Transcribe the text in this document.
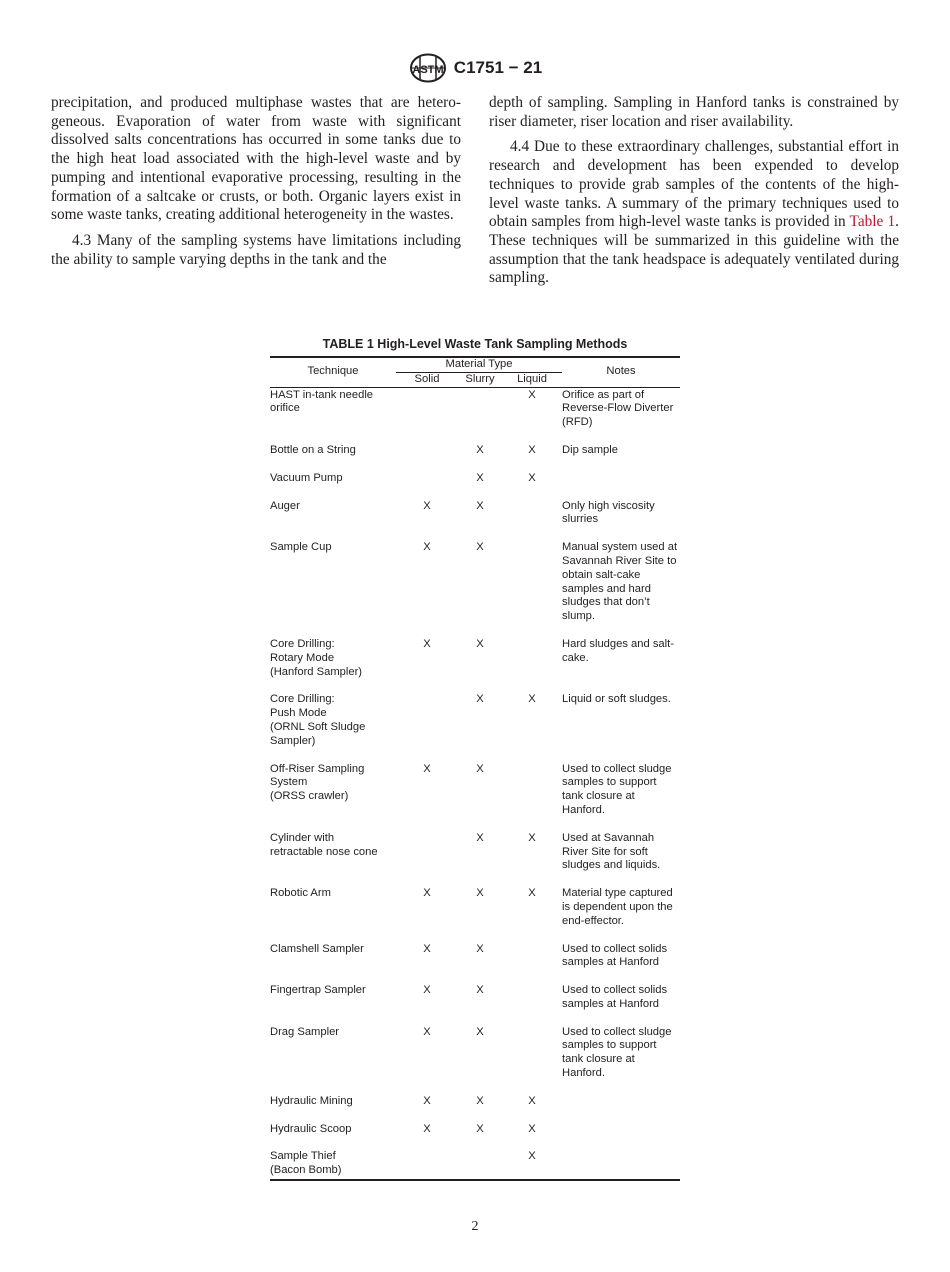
ASTM C1751 − 21

precipitation, and produced multiphase wastes that are heterogeneous. Evaporation of water from waste with significant dissolved salts concentrations has occurred in some tanks due to the high heat load associated with the high-level waste and by pumping and intentional evaporative processing, resulting in the formation of a saltcake or crusts, or both. Organic layers exist in some waste tanks, creating additional heterogeneity in the wastes.

4.3 Many of the sampling systems have limitations including the ability to sample varying depths in the tank and the

depth of sampling. Sampling in Hanford tanks is constrained by riser diameter, riser location and riser availability.

4.4 Due to these extraordinary challenges, substantial effort in research and development has been expended to develop techniques to provide grab samples of the contents of the high-level waste tanks. A summary of the primary techniques used to obtain samples from high-level waste tanks is provided in Table 1. These techniques will be summarized in this guideline with the assumption that the tank headspace is adequately ventilated during sampling.

TABLE 1 High-Level Waste Tank Sampling Methods
Technique	Material Type			Notes
	Solid	Slurry	Liquid	
HAST in-tank needle
orifice			X	Orifice as part of Reverse-Flow Diverter (RFD)
Bottle on a String		X	X	Dip sample
Vacuum Pump		X	X	
Auger	X	X		Only high viscosity slurries
Sample Cup	X	X		Manual system used at Savannah River Site to obtain salt-cake samples and hard sludges that don’t slump.
Core Drilling:
Rotary Mode
(Hanford Sampler)	X	X		Hard sludges and salt-cake.
Core Drilling:
Push Mode
(ORNL Soft Sludge
Sampler)		X	X	Liquid or soft sludges.
Off-Riser Sampling
System
(ORSS crawler)	X	X		Used to collect sludge samples to support tank closure at Hanford.
Cylinder with
retractable nose cone		X	X	Used at Savannah River Site for soft sludges and liquids.
Robotic Arm	X	X	X	Material type captured is dependent upon the end-effector.
Clamshell Sampler	X	X		Used to collect solids samples at Hanford
Fingertrap Sampler	X	X		Used to collect solids samples at Hanford
Drag Sampler	X	X		Used to collect sludge samples to support tank closure at Hanford.
Hydraulic Mining	X	X	X	
Hydraulic Scoop	X	X	X	
Sample Thief
(Bacon Bomb)			X	
2
